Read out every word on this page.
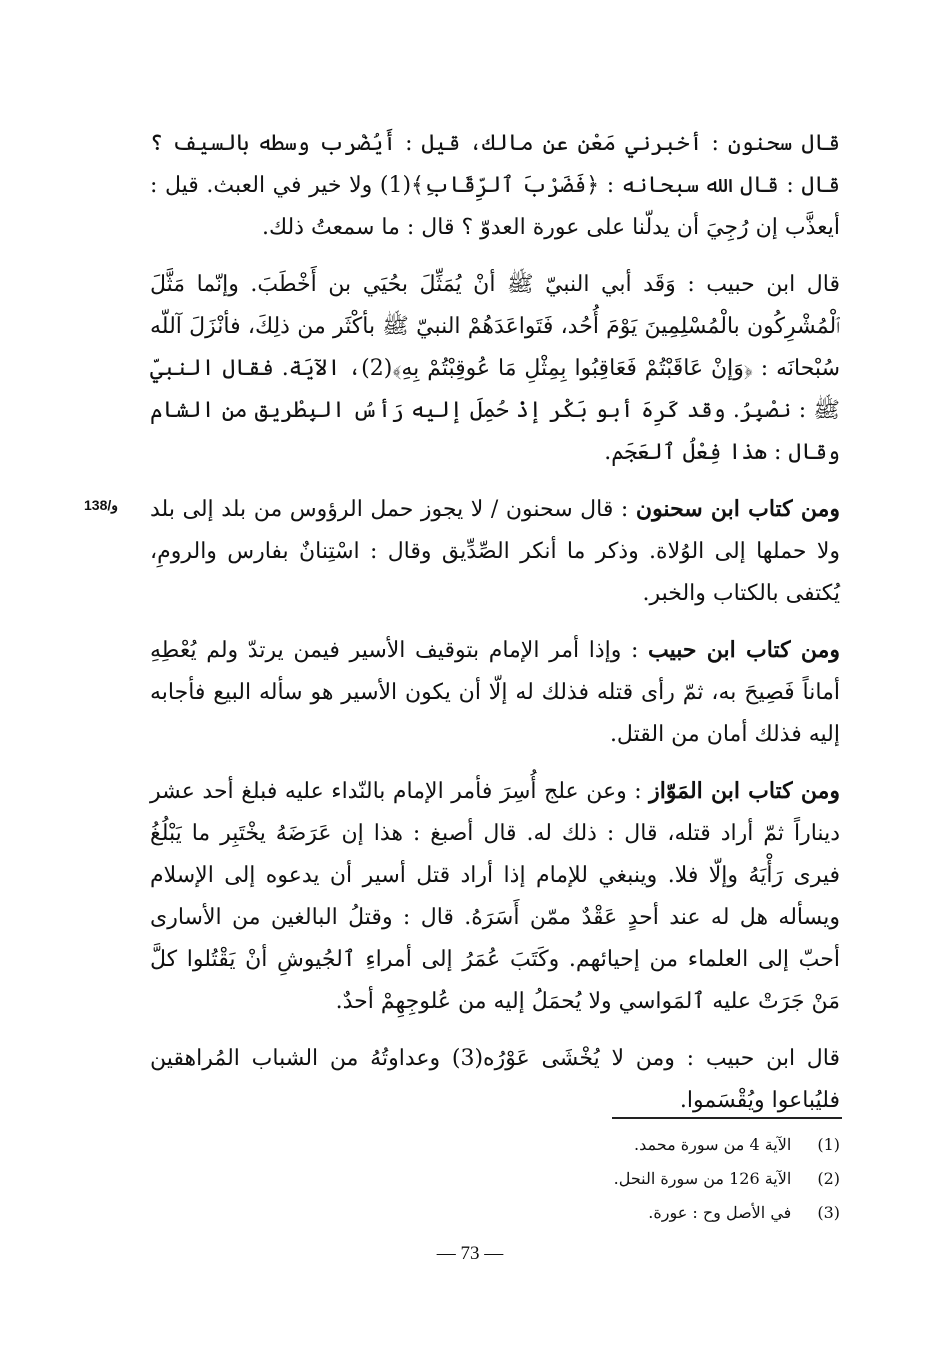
قال سحنون : أخبرني مَعْن عن مالك، قيل : أَيُضْرب وسطه بالسيف ؟ قال : قال الله سبحانه : ﴿فَضَرْبَ ٱلرِّقَابِ﴾(1) ولا خير في العبث. قيل : أيعذَّب إن رُجِيَ أن يدلّنا على عورة العدوّ ؟ قال : ما سمعتُ ذلك.

قال ابن حبيب : وَقَد أبي النبيّ ﷺ أنْ يُمَثِّلَ بحُيَي بن أَخْطَبَ. وإنّما مَثَّلَ ٱلْمُشْرِكُون بالْمُسْلِمِينَ يَوْمَ أُحُد، فَتَواعَدَهُمْ النبيّ ﷺ بأكْثَر من ذلِكَ، فأنْزَلَ آللّه سُبْحانَه : ﴿وَإنْ عَاقَبْتُمْ فَعَاقِبُوا بِمِثْلِ مَا عُوقِبْتُمْ بِهِ﴾(2)، الآيَة. فقال النبيّ ﷺ : نصْبِرُ. وقد كَرِهَ أبو بَكْر إذْ حُمِلَ إليه رَأسُ البِطْريق من الشام وقال : هذا فِعْلُ ٱلعَجَم.

ومن كتاب ابن سحنون : قال سحنون / لا يجوز حمل الرؤوس من بلد إلى بلد ولا حملها إلى الوُلاة. وذكر ما أنكر الصِّدِّيق وقال : اسْتِنانٌ بفارس والرومِ، يُكتفى بالكتاب والخبر.

ومن كتاب ابن حبيب : وإذا أمر الإمام بتوقيف الأسير فيمن يرتدّ ولم يُعْطِهِ أماناً فَصِيحَ به، ثمّ رأى قتله فذلك له إلّا أن يكون الأسير هو سأله البيع فأجابه إليه فذلك أمان من القتل.

ومن كتاب ابن المَوّاز : وعن علج أُسِرَ فأمر الإمام بالنّداء عليه فبلغ أحد عشر ديناراً ثمّ أراد قتله، قال : ذلك له. قال أصبغ : هذا إن عَرَضَهُ يخْتَبِر ما يَبْلُغُ فيرى رَأْيَهُ وإلّا فلا. وينبغي للإمام إذا أراد قتل أسير أن يدعوه إلى الإسلام ويسأله هل له عند أحدٍ عَقْدٌ ممّن أَسَرَهُ. قال : وقتلُ البالغين من الأسارى أحبّ إلى العلماء من إحيائهم. وكَتَبَ عُمَرُ إلى أمراءِ ٱلجُيوشِ أنْ يَقْتُلوا كلَّ مَنْ جَرَتْ عليه ٱلمَواسي ولا يُحمَلُ إليه من عُلوجِهِمْ أحدٌ.

قال ابن حبيب : ومن لا يُخْشَى عَوْرُه(3) وعداوتُهُ من الشباب المُراهقين فليُباعوا ويُقْسَموا.

138/و
(1)
الآية 4 من سورة محمد.
(2)
الآية 126 من سورة النحل.
(3)
في الأصل وح : عورة.
— 73 —
